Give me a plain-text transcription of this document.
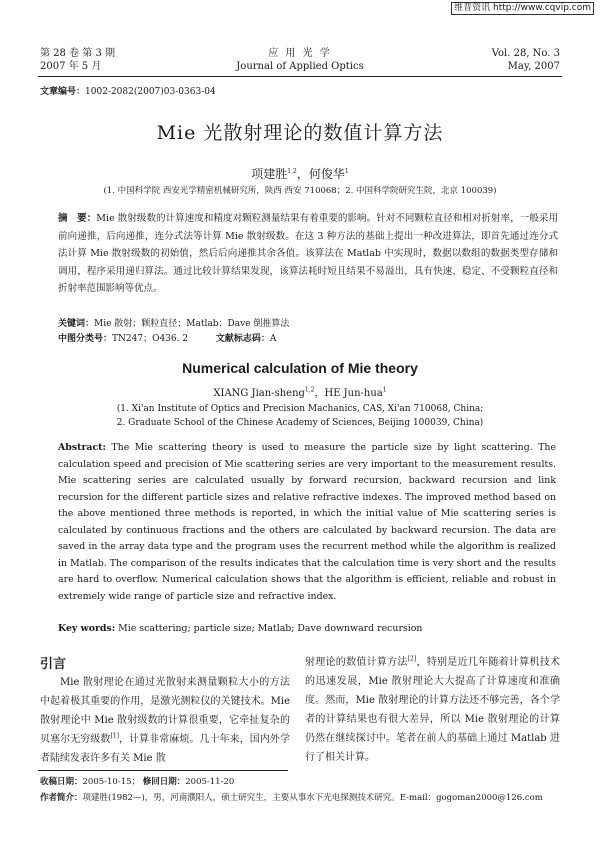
维普资讯 http://www.cqvip.com
第 28 卷 第 3 期
2007 年 5 月
应 用 光 学
Journal of Applied Optics
Vol. 28, No. 3
May, 2007
文章编号：1002-2082(2007)03-0363-04
Mie 光散射理论的数值计算方法
项建胜$^{1,2}$，何俊华$^1$
(1. 中国科学院 西安光学精密机械研究所，陕西 西安 710068；2. 中国科学院研究生院，北京 100039)
摘　要：Mie 散射级数的计算速度和精度对颗粒测量结果有着重要的影响。针对不同颗粒直径和相对折射率，一般采用前向递推，后向递推，连分式法等计算 Mie 散射级数。在这 3 种方法的基础上提出一种改进算法，即首先通过连分式法计算 Mie 散射级数的初始值，然后后向递推其余各值。该算法在 Matlab 中实现时，数据以数组的数据类型存储和调用，程序采用递归算法。通过比较计算结果发现，该算法耗时短且结果不易溢出，具有快速、稳定、不受颗粒直径和折射率范围影响等优点。
关键词：Mie 散射；颗粒直径；Matlab；Dave 倒推算法
中图分类号：TN247；O436. 2	文献标志码：A
Numerical calculation of Mie theory
XIANG Jian-sheng$^{1,2}$，HE Jun-hua$^1$
(1. Xi'an Institute of Optics and Precision Machanics, CAS, Xi'an 710068, China;
2. Graduate School of the Chinese Academy of Sciences, Beijing 100039, China)
Abstract: The Mie scattering theory is used to measure the particle size by light scattering. The calculation speed and precision of Mie scattering series are very important to the measurement results. Mie scattering series are calculated usually by forward recursion, backward recursion and link recursion for the different particle sizes and relative refractive indexes. The improved method based on the above mentioned three methods is reported, in which the initial value of Mie scattering series is calculated by continuous fractions and the others are calculated by backward recursion. The data are saved in the array data type and the program uses the recurrent method while the algorithm is realized in Matlab. The comparison of the results indicates that the calculation time is very short and the results are hard to overflow. Numerical calculation shows that the algorithm is efficient, reliable and robust in extremely wide range of particle size and refractive index.
Key words: Mie scattering; particle size; Matlab; Dave downward recursion
引言
Mie 散射理论在通过光散射来测量颗粒大小的方法中起着极其重要的作用，是激光测粒仪的关键技术。Mie 散射理论中 Mie 散射级数的计算很重要，它牵扯复杂的贝塞尔无穷级数[1]，计算非常麻烦。几十年来，国内外学者陆续发表许多有关 Mie 散
射理论的数值计算方法[2]，特别是近几年随着计算机技术的迅速发展，Mie 散射理论大大提高了计算速度和准确度。然而，Mie 散射理论的计算方法还不够完善，各个学者的计算结果也有很大差异，所以 Mie 散射理论的计算仍然在继续探讨中。笔者在前人的基础上通过 Matlab 进行了相关计算。
收稿日期：2005-10-15； 修回日期：2005-11-20
作者简介：项建胜(1982—)，男，河南濮阳人，硕士研究生，主要从事水下光电探测技术研究。E-mail：gogoman2000@126.com
